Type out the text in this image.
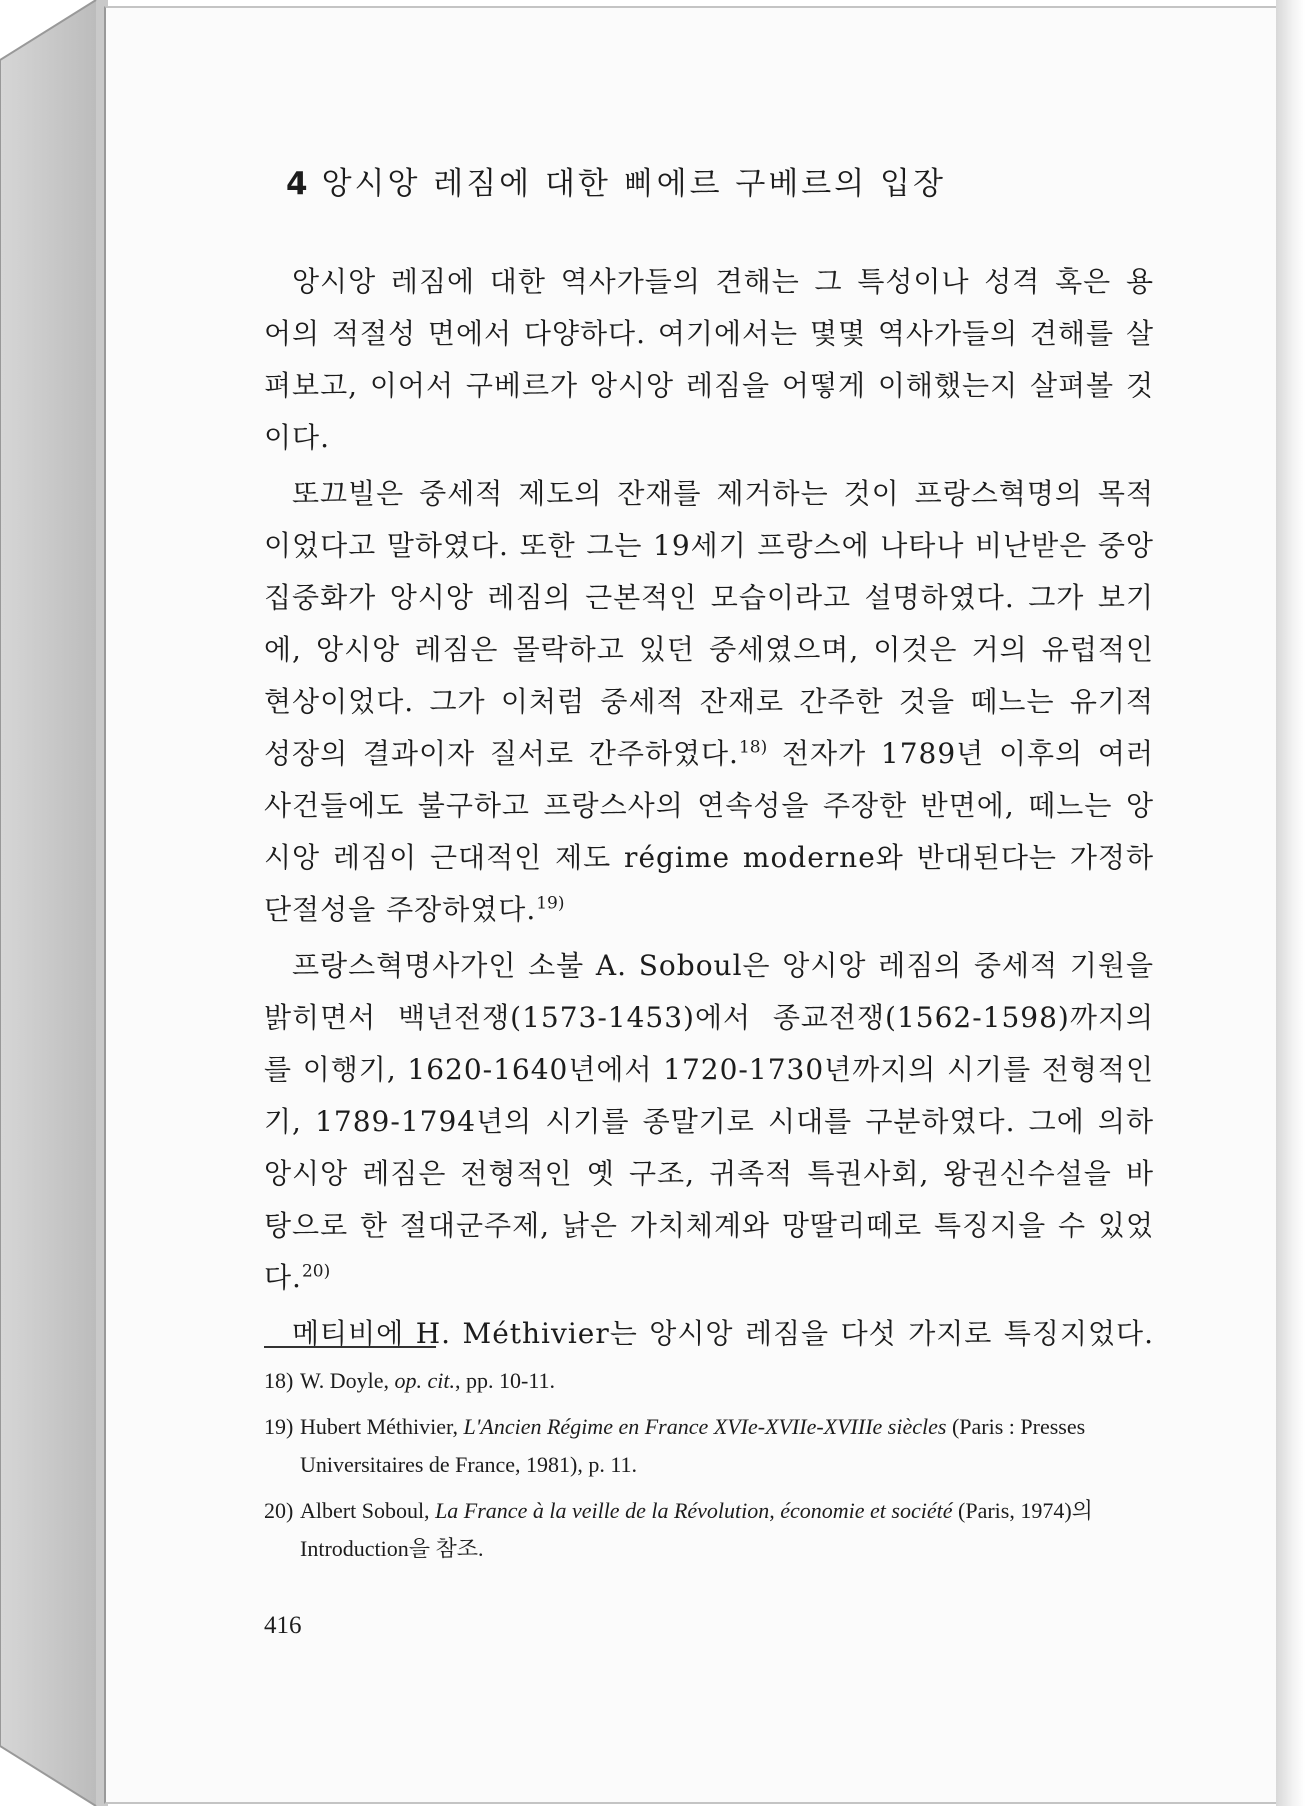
4 앙시앙 레짐에 대한 삐에르 구베르의 입장

앙시앙 레짐에 대한 역사가들의 견해는 그 특성이나 성격 혹은 용

어의 적절성 면에서 다양하다. 여기에서는 몇몇 역사가들의 견해를 살

펴보고, 이어서 구베르가 앙시앙 레짐을 어떻게 이해했는지 살펴볼 것

이다.

또끄빌은 중세적 제도의 잔재를 제거하는 것이 프랑스혁명의 목적

이었다고 말하였다. 또한 그는 19세기 프랑스에 나타나 비난받은 중앙

집중화가 앙시앙 레짐의 근본적인 모습이라고 설명하였다. 그가 보기

에, 앙시앙 레짐은 몰락하고 있던 중세였으며, 이것은 거의 유럽적인

현상이었다. 그가 이처럼 중세적 잔재로 간주한 것을 떼느는 유기적

성장의 결과이자 질서로 간주하였다.$^{18)}$ 전자가 1789년 이후의 여러

사건들에도 불구하고 프랑스사의 연속성을 주장한 반면에, 떼느는 앙

시앙 레짐이 근대적인 제도 régime moderne와 반대된다는 가정하

단절성을 주장하였다.$^{19)}$

프랑스혁명사가인 소불 A. Soboul은 앙시앙 레짐의 중세적 기원을

밝히면서 백년전쟁(1573-1453)에서 종교전쟁(1562-1598)까지의

를 이행기, 1620-1640년에서 1720-1730년까지의 시기를 전형적인

기, 1789-1794년의 시기를 종말기로 시대를 구분하였다. 그에 의하

앙시앙 레짐은 전형적인 옛 구조, 귀족적 특권사회, 왕권신수설을 바

탕으로 한 절대군주제, 낡은 가치체계와 망딸리떼로 특징지을 수 있었

다.$^{20)}$

메티비에 H. Méthivier는 앙시앙 레짐을 다섯 가지로 특징지었다.

18) W. Doyle, op. cit., pp. 10-11.
19) Hubert Méthivier, L'Ancien Régime en France XVIe-XVIIe-XVIIIe siècles (Paris : Presses Universitaires de France, 1981), p. 11.
20) Albert Soboul, La France à la veille de la Révolution, économie et société (Paris, 1974)의 Introduction을 참조.
416
